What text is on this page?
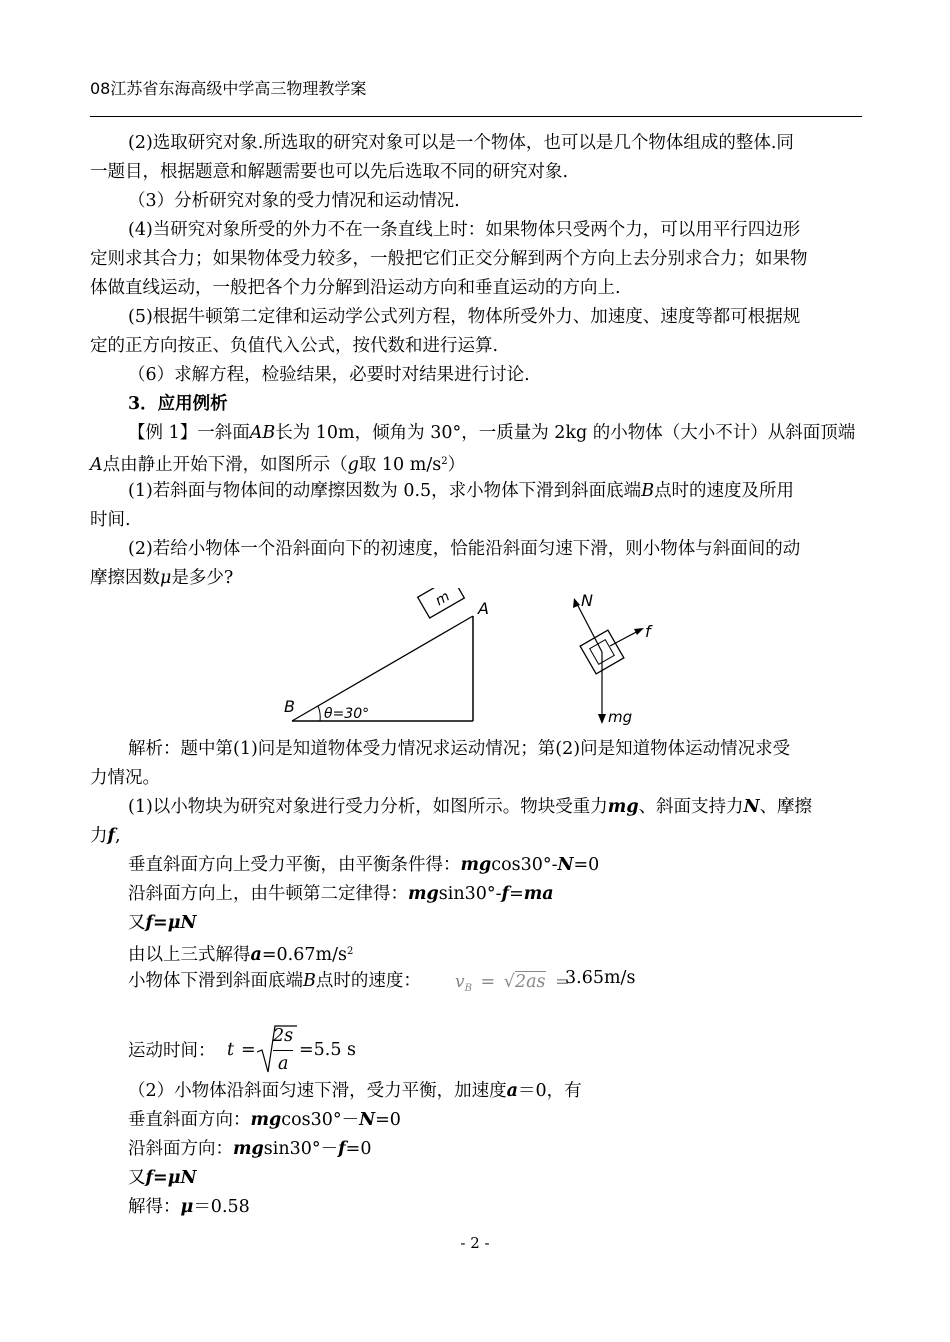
08江苏省东海高级中学高三物理教学案
(2)选取研究对象.所选取的研究对象可以是一个物体，也可以是几个物体组成的整体.同
一题目，根据题意和解题需要也可以先后选取不同的研究对象.
（3）分析研究对象的受力情况和运动情况.
(4)当研究对象所受的外力不在一条直线上时：如果物体只受两个力，可以用平行四边形
定则求其合力；如果物体受力较多，一般把它们正交分解到两个方向上去分别求合力；如果物
体做直线运动，一般把各个力分解到沿运动方向和垂直运动的方向上.
(5)根据牛顿第二定律和运动学公式列方程，物体所受外力、加速度、速度等都可根据规
定的正方向按正、负值代入公式，按代数和进行运算.
（6）求解方程，检验结果，必要时对结果进行讨论.
3．应用例析
【例 1】一斜面AB长为 10m，倾角为 30°，一质量为 2kg 的小物体（大小不计）从斜面顶端
A点由静止开始下滑，如图所示（g取 10 $m/s^2$）
(1)若斜面与物体间的动摩擦因数为 0.5，求小物体下滑到斜面底端B点时的速度及所用
时间.
(2)若给小物体一个沿斜面向下的初速度，恰能沿斜面匀速下滑，则小物体与斜面间的动
摩擦因数μ是多少?
m A
B θ=30°
N
f
mg
解析：题中第(1)问是知道物体受力情况求运动情况；第(2)问是知道物体运动情况求受
力情况。
(1)以小物块为研究对象进行受力分析，如图所示。物块受重力mg、斜面支持力N、摩擦
力f,
垂直斜面方向上受力平衡，由平衡条件得：mgcos30°-N=0
沿斜面方向上，由牛顿第二定律得：mgsin30°-f=ma
又f=μN
由以上三式解得$a=0.67m/s^2$
小物体下滑到斜面底端B点时的速度： $v_B = √2as$ =
3.65m/s
运动时间： t =
2s
a
=5.5 s
（2）小物体沿斜面匀速下滑，受力平衡，加速度a＝0，有
垂直斜面方向：mgcos30°－N=0
沿斜面方向：mgsin30°－f=0
又f=μN
解得：μ＝0.58
- 2 -
